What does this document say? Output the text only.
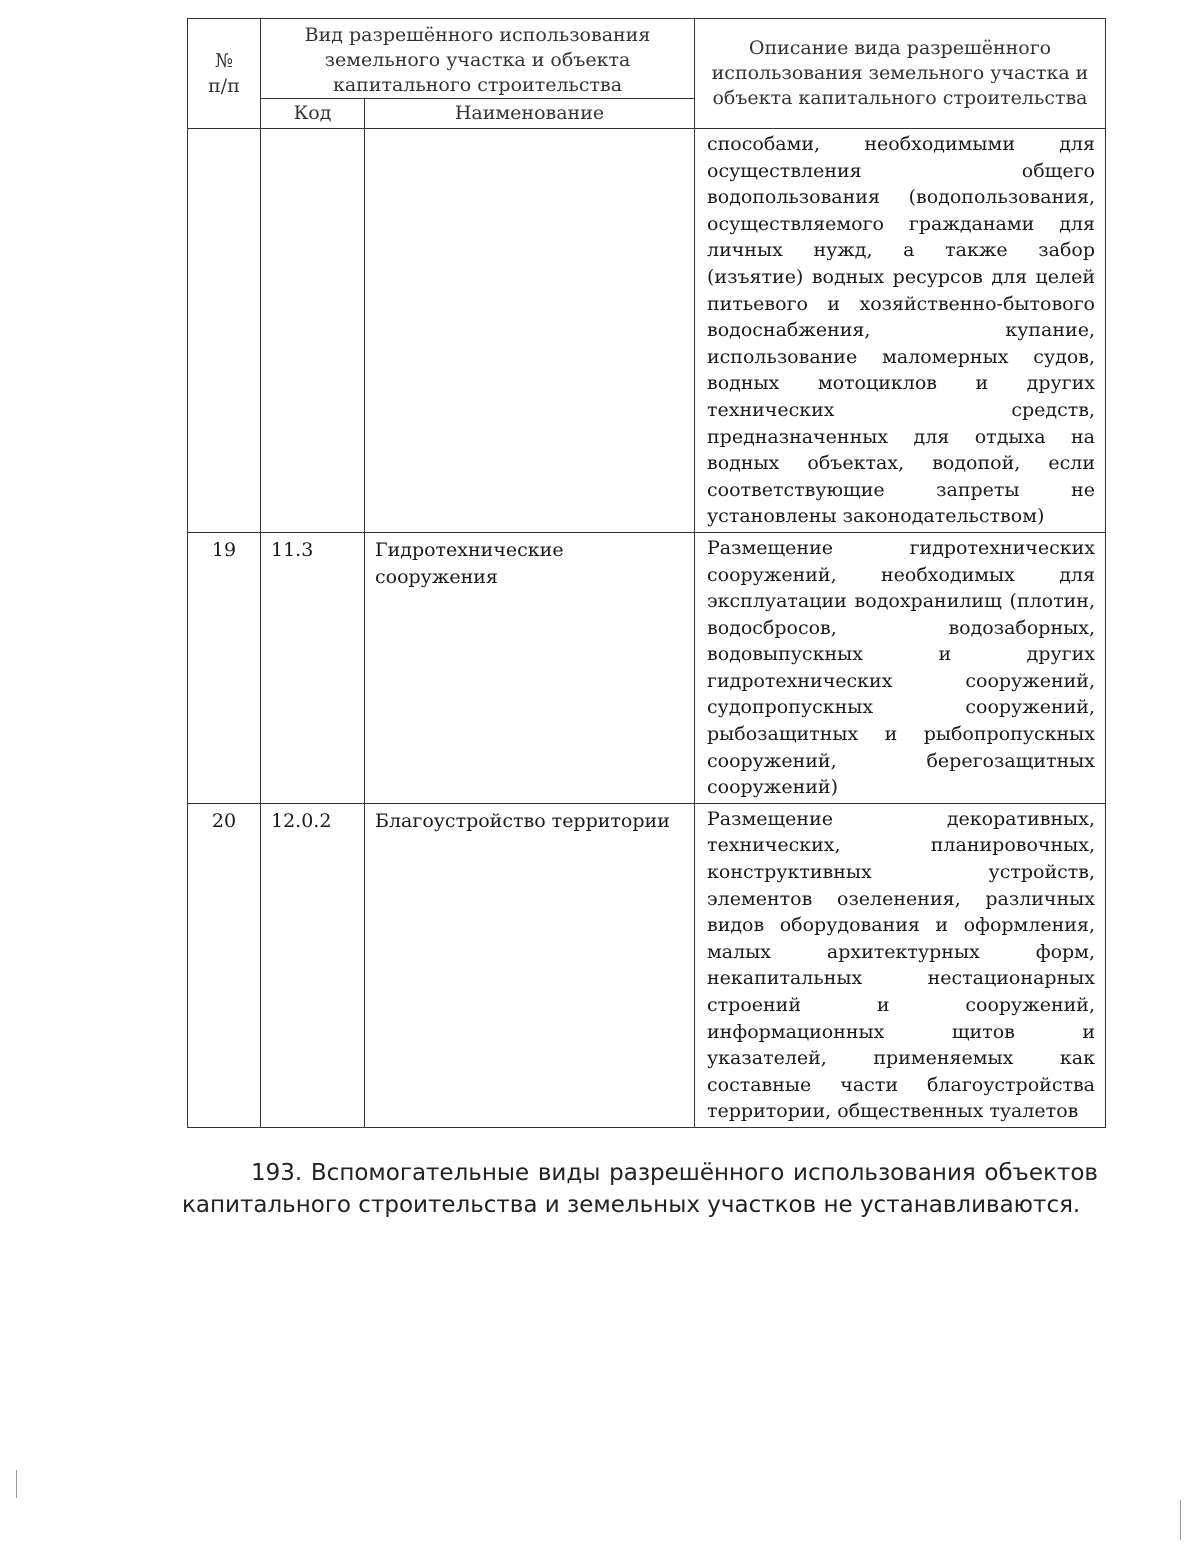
№
п/п	Вид разрешённого использования земельного участка и объекта капитального строительства		Описание вида разрешённого использования земельного участка и объекта капитального строительства
	Код	Наименование	
			способами, необходимыми для осуществления общего водопользования (водопользования, осуществляемого гражданами для личных нужд, а также забор (изъятие) водных ресурсов для целей питьевого и хозяйственно-бытового водоснабжения, купание, использование маломерных судов, водных мотоциклов и других технических средств, предназначенных для отдыха на водных объектах, водопой, если соответствующие запреты не установлены законодательством)
19	11.3	Гидротехнические сооружения	Размещение гидротехнических сооружений, необходимых для эксплуатации водохранилищ (плотин, водосбросов, водозаборных, водовыпускных и других гидротехнических сооружений, судопропускных сооружений, рыбозащитных и рыбопропускных сооружений, берегозащитных сооружений)
20	12.0.2	Благоустройство территории	Размещение декоративных, технических, планировочных, конструктивных устройств, элементов озеленения, различных видов оборудования и оформления, малых архитектурных форм, некапитальных нестационарных строений и сооружений, информационных щитов и указателей, применяемых как составные части благоустройства территории, общественных туалетов

193. Вспомогательные виды разрешённого использования объектов капитального строительства и земельных участков не устанавливаются.
